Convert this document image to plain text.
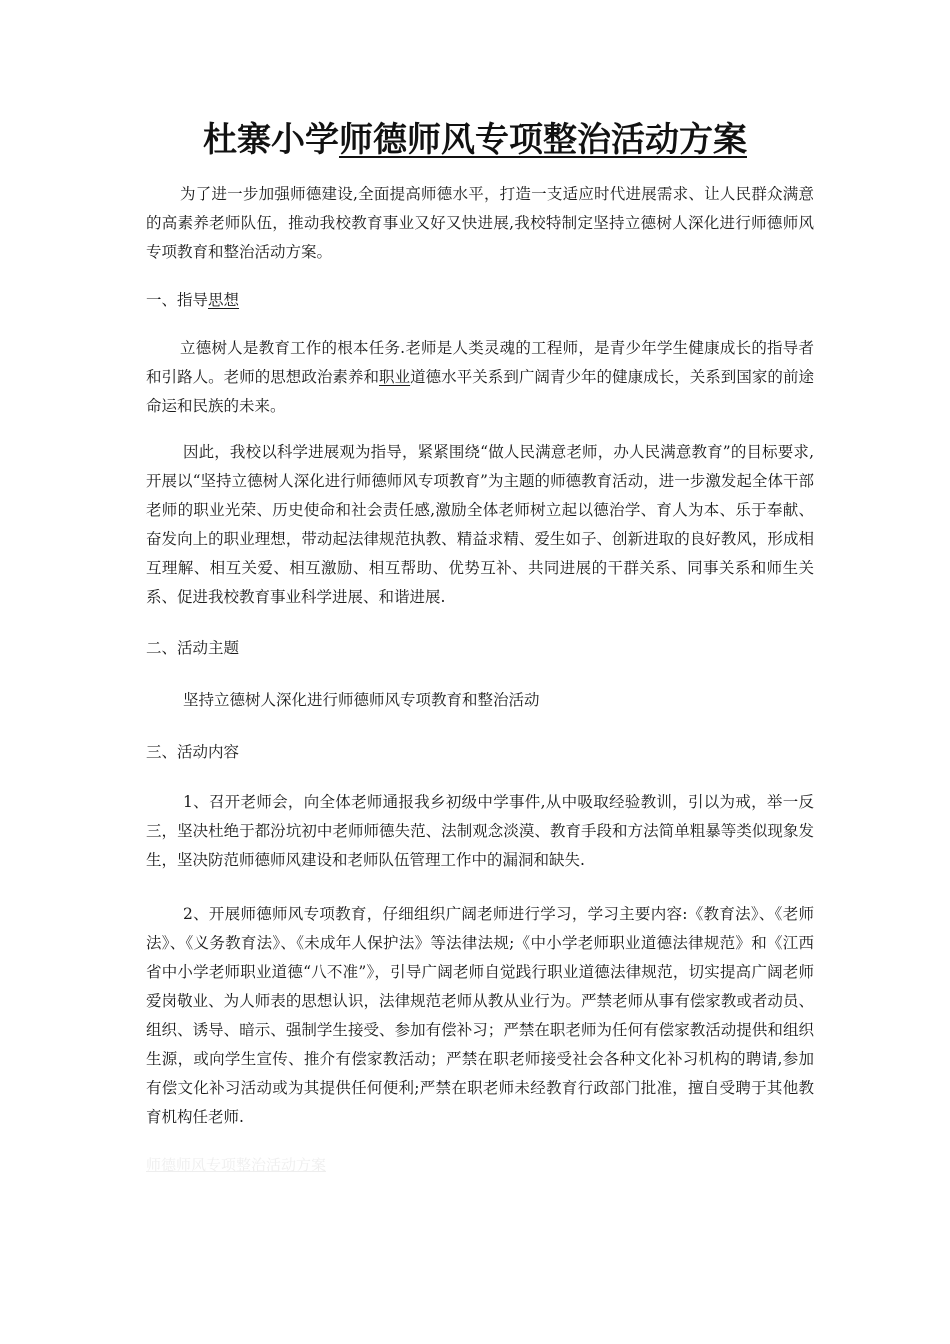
杜寨小学师德师风专项整治活动方案
为了进一步加强师德建设,全面提高师德水平，打造一支适应时代进展需求、让人民群众满意的高素养老师队伍，推动我校教育事业又好又快进展,我校特制定坚持立德树人深化进行师德师风专项教育和整治活动方案。
一、指导思想
立德树人是教育工作的根本任务.老师是人类灵魂的工程师，是青少年学生健康成长的指导者和引路人。老师的思想政治素养和职业道德水平关系到广阔青少年的健康成长，关系到国家的前途命运和民族的未来。
因此，我校以科学进展观为指导，紧紧围绕“做人民满意老师，办人民满意教育”的目标要求,开展以“坚持立德树人深化进行师德师风专项教育”为主题的师德教育活动，进一步激发起全体干部老师的职业光荣、历史使命和社会责任感,激励全体老师树立起以德治学、育人为本、乐于奉献、奋发向上的职业理想，带动起法律规范执教、精益求精、爱生如子、创新进取的良好教风，形成相互理解、相互关爱、相互激励、相互帮助、优势互补、共同进展的干群关系、同事关系和师生关系、促进我校教育事业科学进展、和谐进展.
二、活动主题
坚持立德树人深化进行师德师风专项教育和整治活动
三、活动内容
1、召开老师会，向全体老师通报我乡初级中学事件,从中吸取经验教训，引以为戒，举一反三，坚决杜绝于都汾坑初中老师师德失范、法制观念淡漠、教育手段和方法简单粗暴等类似现象发生，坚决防范师德师风建设和老师队伍管理工作中的漏洞和缺失.
2、开展师德师风专项教育，仔细组织广阔老师进行学习，学习主要内容:《教育法》、《老师法》、《义务教育法》、《未成年人保护法》等法律法规;《中小学老师职业道德法律规范》和《江西省中小学老师职业道德“八不准”》，引导广阔老师自觉践行职业道德法律规范，切实提高广阔老师爱岗敬业、为人师表的思想认识，法律规范老师从教从业行为。严禁老师从事有偿家教或者动员、组织、诱导、暗示、强制学生接受、参加有偿补习；严禁在职老师为任何有偿家教活动提供和组织生源，或向学生宣传、推介有偿家教活动；严禁在职老师接受社会各种文化补习机构的聘请,参加有偿文化补习活动或为其提供任何便利;严禁在职老师未经教育行政部门批准，擅自受聘于其他教育机构任老师.
师德师风专项整治活动方案
